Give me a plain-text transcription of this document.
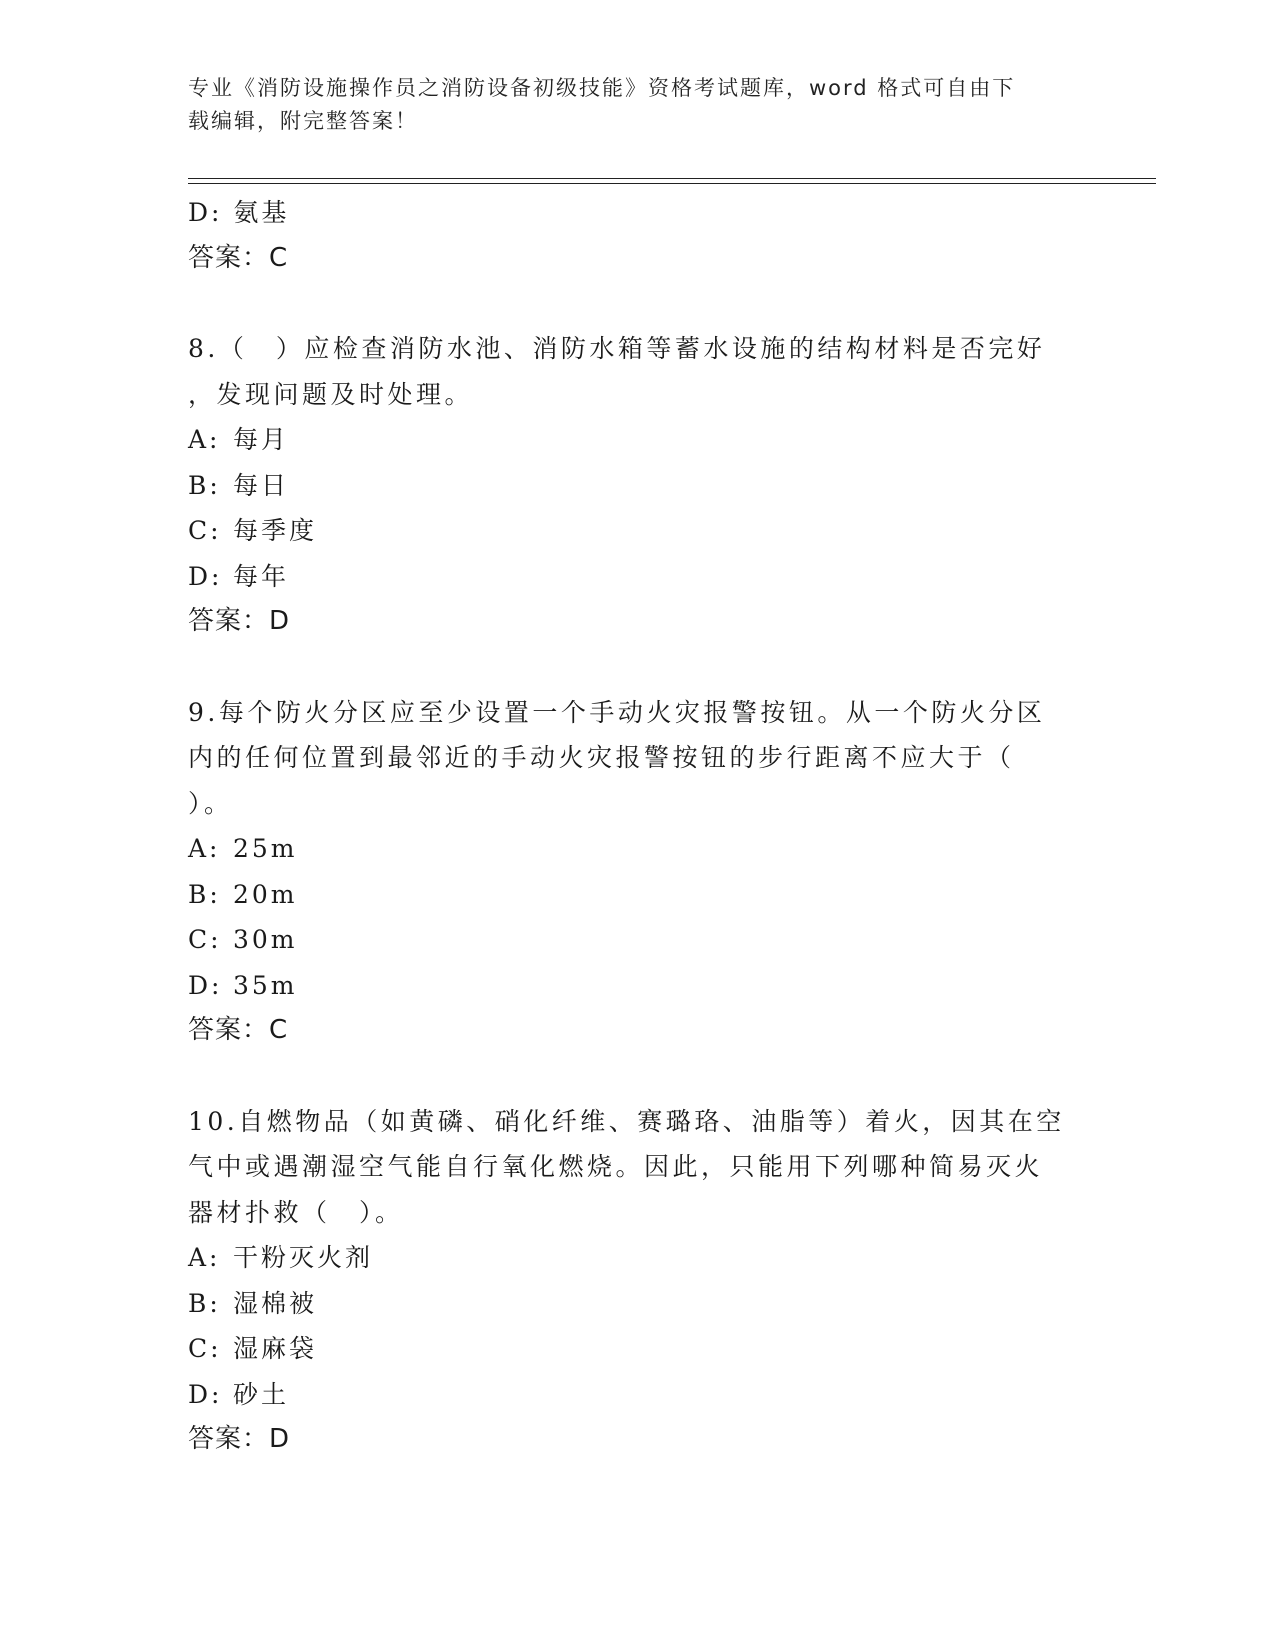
专业《消防设施操作员之消防设备初级技能》资格考试题库，word 格式可自由下
载编辑，附完整答案！
D: 氨基
答案：C
8.（　）应检查消防水池、消防水箱等蓄水设施的结构材料是否完好
，发现问题及时处理。
A: 每月
B: 每日
C: 每季度
D: 每年
答案：D
9.每个防火分区应至少设置一个手动火灾报警按钮。从一个防火分区
内的任何位置到最邻近的手动火灾报警按钮的步行距离不应大于（
）。
A: 25m
B: 20m
C: 30m
D: 35m
答案：C
10.自燃物品（如黄磷、硝化纤维、赛璐珞、油脂等）着火，因其在空
气中或遇潮湿空气能自行氧化燃烧。因此，只能用下列哪种简易灭火
器材扑救（　）。
A: 干粉灭火剂
B: 湿棉被
C: 湿麻袋
D: 砂土
答案：D
